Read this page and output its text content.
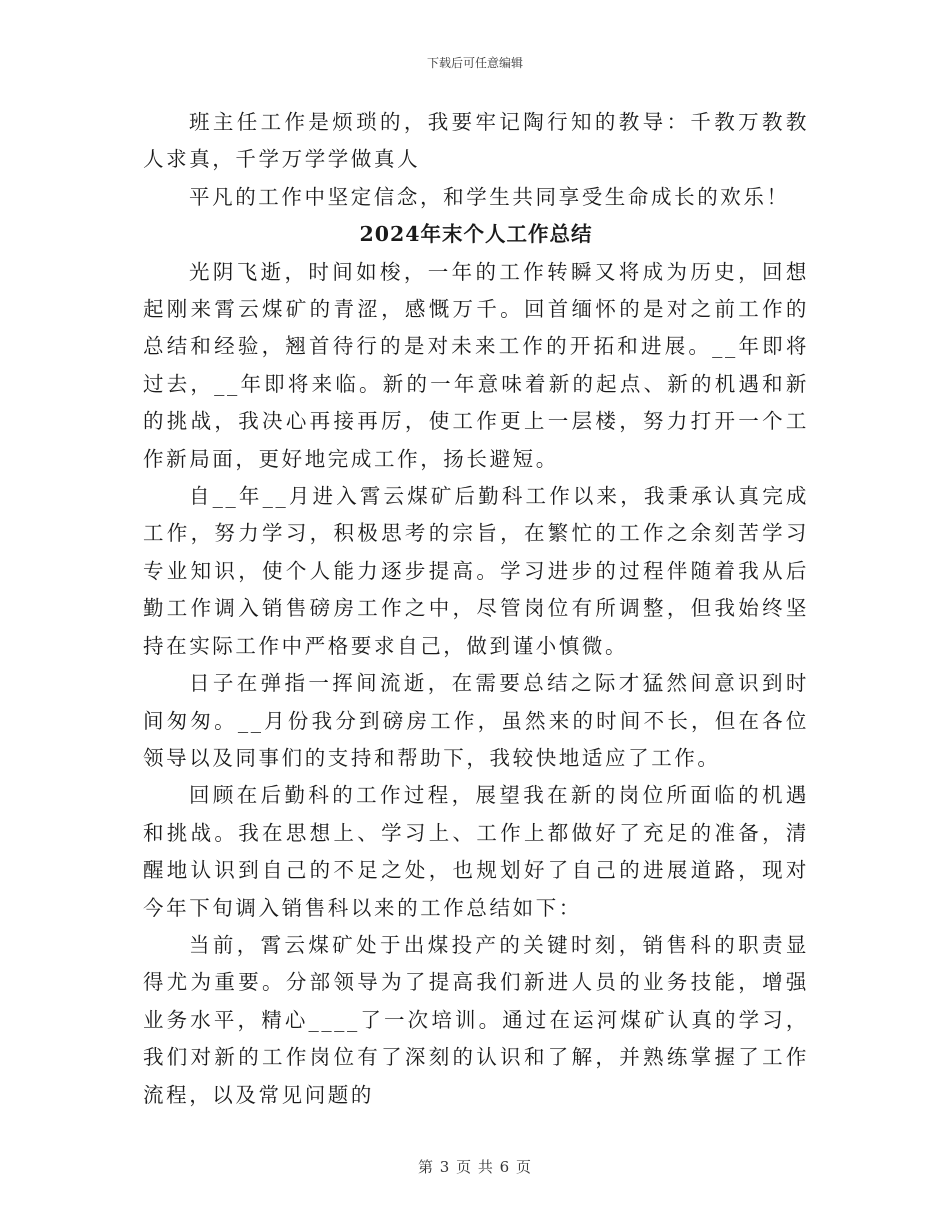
下载后可任意编辑

班主任工作是烦琐的，我要牢记陶行知的教导：千教万教教人求真，千学万学学做真人

平凡的工作中坚定信念，和学生共同享受生命成长的欢乐！

2024年末个人工作总结

光阴飞逝，时间如梭，一年的工作转瞬又将成为历史，回想起刚来霄云煤矿的青涩，感慨万千。回首缅怀的是对之前工作的总结和经验，翘首待行的是对未来工作的开拓和进展。__年即将过去，__年即将来临。新的一年意味着新的起点、新的机遇和新的挑战，我决心再接再厉，使工作更上一层楼，努力打开一个工作新局面，更好地完成工作，扬长避短。

自__年__月进入霄云煤矿后勤科工作以来，我秉承认真完成工作，努力学习，积极思考的宗旨，在繁忙的工作之余刻苦学习专业知识，使个人能力逐步提高。学习进步的过程伴随着我从后勤工作调入销售磅房工作之中，尽管岗位有所调整，但我始终坚持在实际工作中严格要求自己，做到谨小慎微。

日子在弹指一挥间流逝，在需要总结之际才猛然间意识到时间匆匆。__月份我分到磅房工作，虽然来的时间不长，但在各位领导以及同事们的支持和帮助下，我较快地适应了工作。

回顾在后勤科的工作过程，展望我在新的岗位所面临的机遇和挑战。我在思想上、学习上、工作上都做好了充足的准备，清醒地认识到自己的不足之处，也规划好了自己的进展道路，现对今年下旬调入销售科以来的工作总结如下：

当前，霄云煤矿处于出煤投产的关键时刻，销售科的职责显得尤为重要。分部领导为了提高我们新进人员的业务技能，增强业务水平，精心____了一次培训。通过在运河煤矿认真的学习，我们对新的工作岗位有了深刻的认识和了解，并熟练掌握了工作流程，以及常见问题的

第 3 页 共 6 页
